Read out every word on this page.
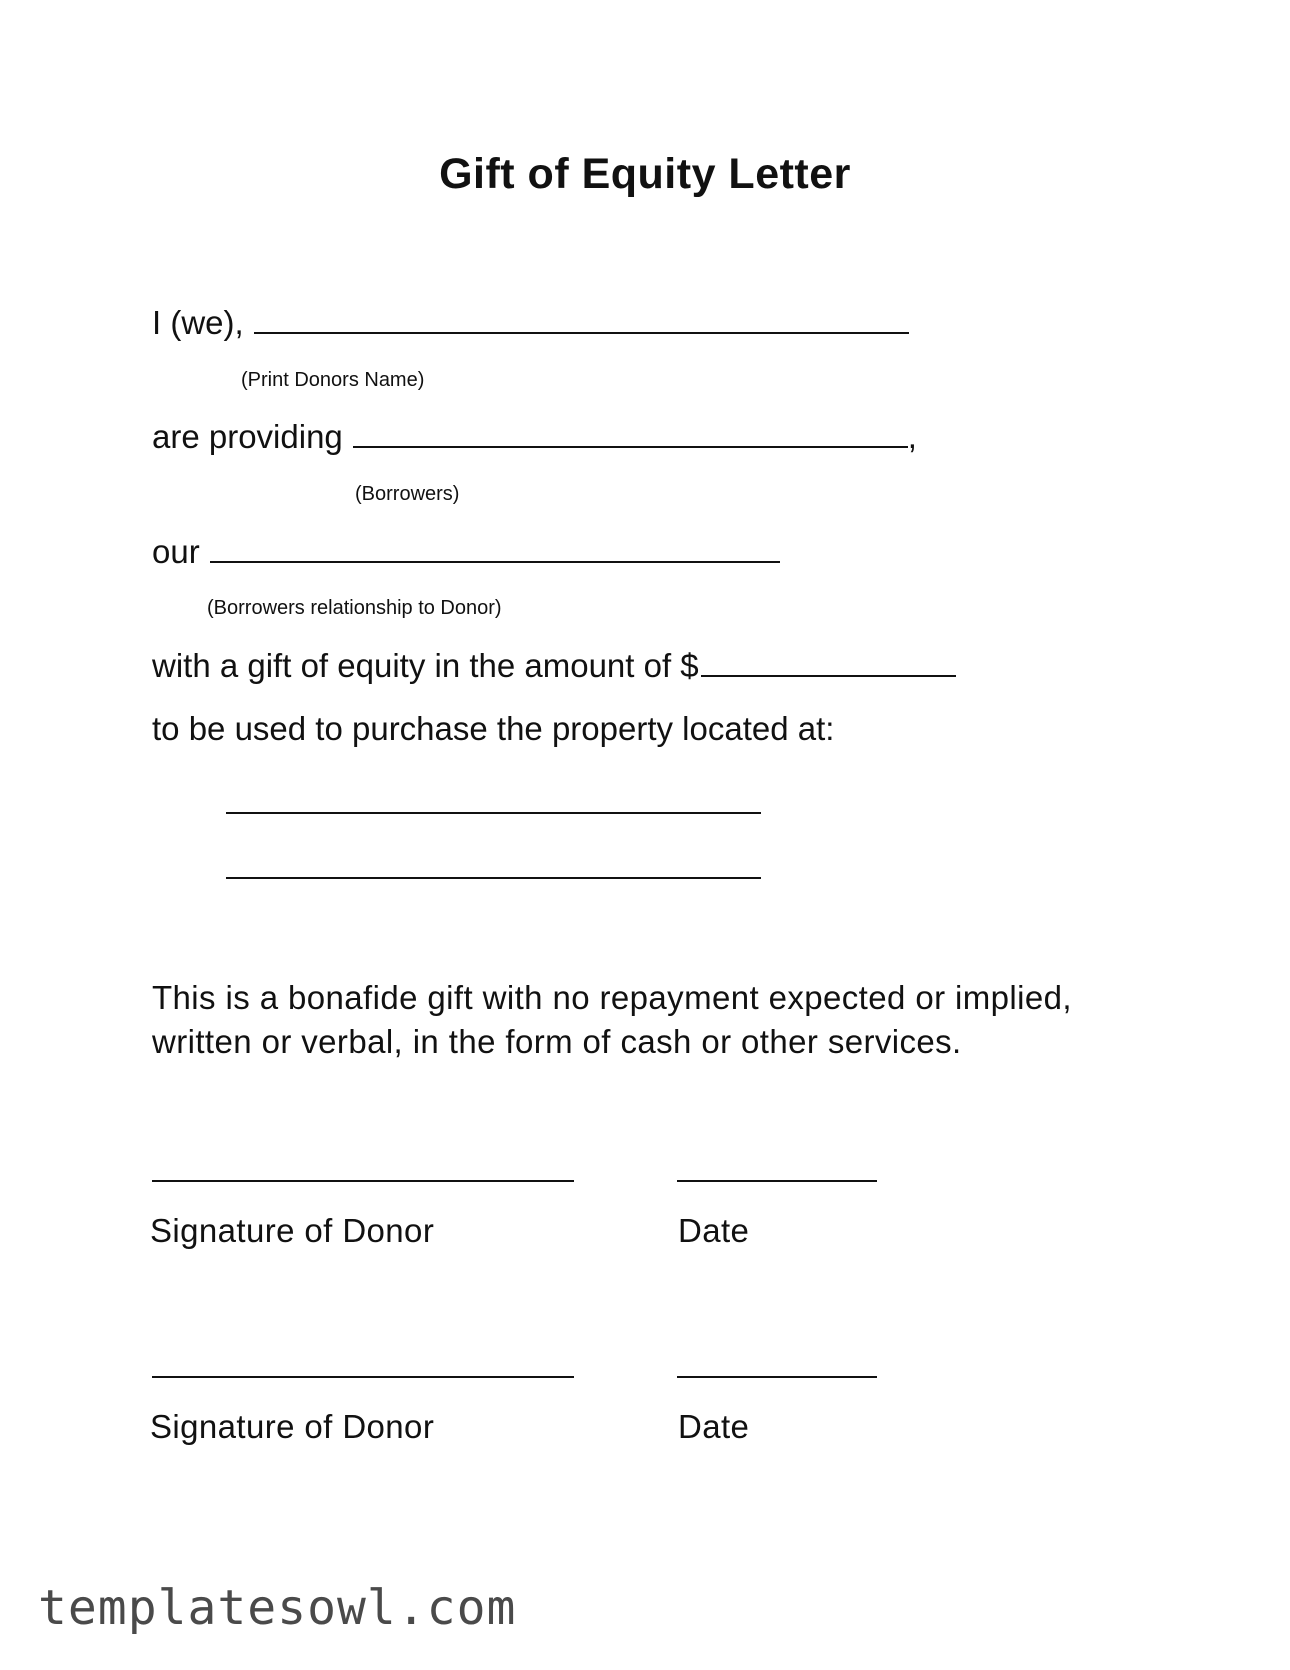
Gift of Equity Letter
I (we),
(Print Donors Name)
are providing	,
(Borrowers)
our
(Borrowers relationship to Donor)
with a gift of equity in the amount of $
to be used to purchase the property located at:
This is a bonafide gift with no repayment expected or implied,
written or verbal, in the form of cash or other services.
Signature of Donor	Date
Signature of Donor	Date
templatesowl.com
